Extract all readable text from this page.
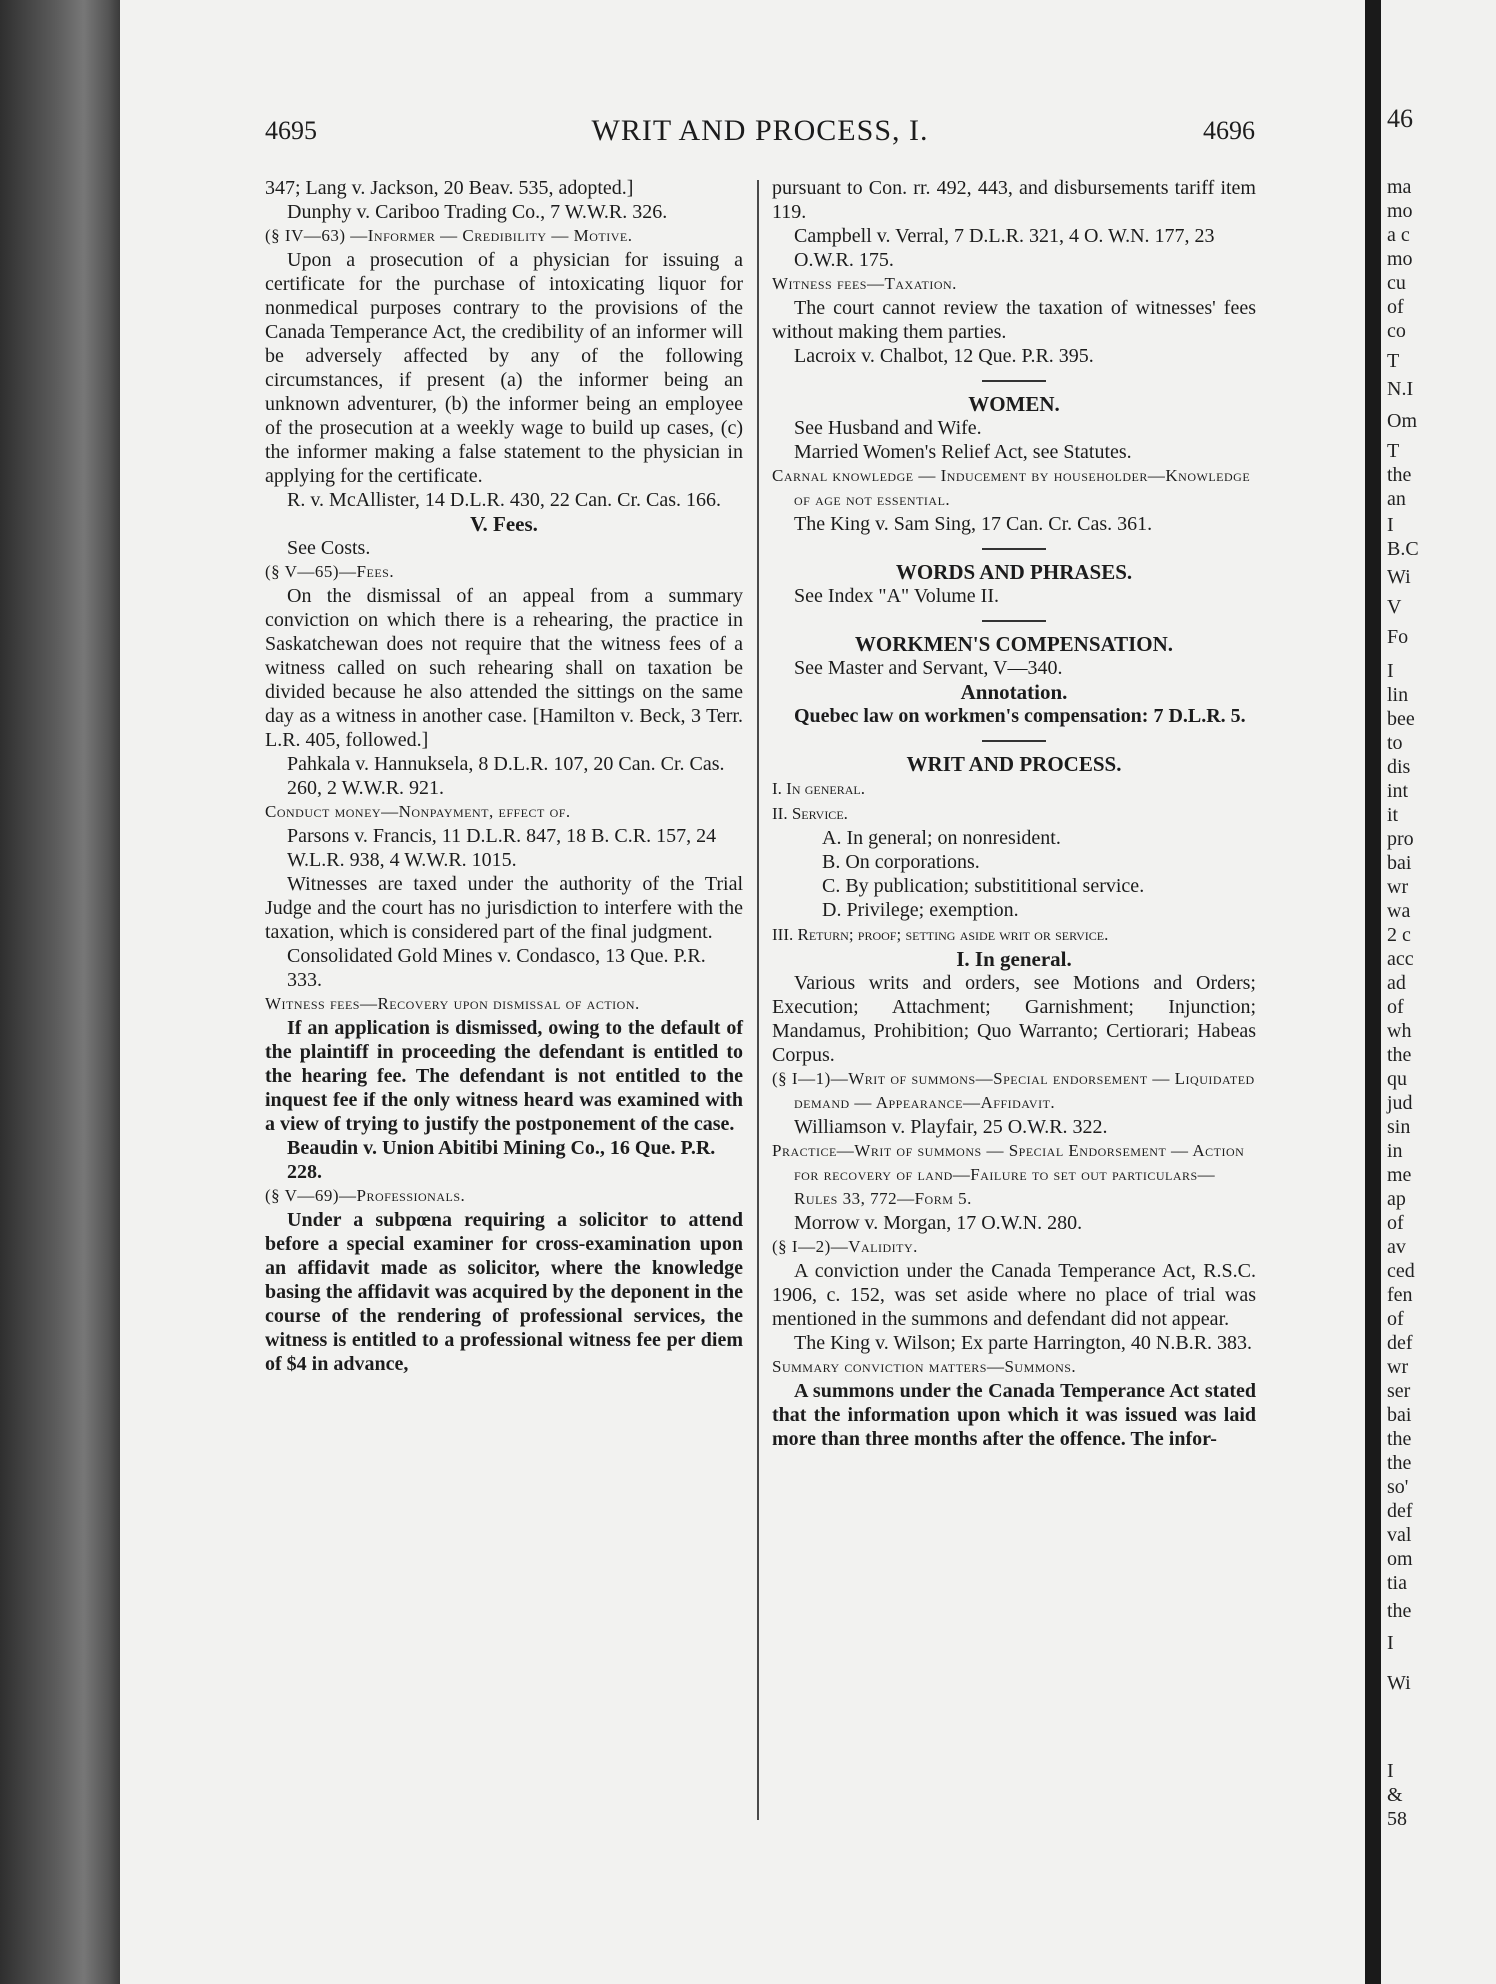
46
ma
mo
a c
mo
cu
of
co
T
N.I
Om
T
the
an
I
B.C
Wi
V
Fo
I
lin
bee
to
dis
int
it
pro
bai
wr
wa
2 c
acc
ad
of
wh
the
qu
jud
sin
in
me
ap
of
av
ced
fen
of
def
wr
ser
bai
the
the
so'
def
val
om
tia
the
I
Wi
I
&
58
4695	WRIT AND PROCESS, I.	4696

347; Lang v. Jackson, 20 Beav. 535, adopted.]

Dunphy v. Cariboo Trading Co., 7 W.W.R. 326.

(§ IV—63) —Informer — Credibility — Motive.

Upon a prosecution of a physician for issuing a certificate for the purchase of intoxicating liquor for nonmedical purposes contrary to the provisions of the Canada Temperance Act, the credibility of an informer will be adversely affected by any of the following circumstances, if present (a) the informer being an unknown adventurer, (b) the informer being an employee of the prosecution at a weekly wage to build up cases, (c) the informer making a false statement to the physician in applying for the certificate.

R. v. McAllister, 14 D.L.R. 430, 22 Can. Cr. Cas. 166.

V. Fees.

See Costs.

(§ V—65)—Fees.

On the dismissal of an appeal from a summary conviction on which there is a rehearing, the practice in Saskatchewan does not require that the witness fees of a witness called on such rehearing shall on taxation be divided because he also attended the sittings on the same day as a witness in another case. [Hamilton v. Beck, 3 Terr. L.R. 405, followed.]

Pahkala v. Hannuksela, 8 D.L.R. 107, 20 Can. Cr. Cas. 260, 2 W.W.R. 921.

Conduct money—Nonpayment, effect of.

Parsons v. Francis, 11 D.L.R. 847, 18 B. C.R. 157, 24 W.L.R. 938, 4 W.W.R. 1015.

Witnesses are taxed under the authority of the Trial Judge and the court has no jurisdiction to interfere with the taxation, which is considered part of the final judgment.

Consolidated Gold Mines v. Condasco, 13 Que. P.R. 333.

Witness fees—Recovery upon dismissal of action.

If an application is dismissed, owing to the default of the plaintiff in proceeding the defendant is entitled to the hearing fee. The defendant is not entitled to the inquest fee if the only witness heard was examined with a view of trying to justify the postponement of the case.

Beaudin v. Union Abitibi Mining Co., 16 Que. P.R. 228.

(§ V—69)—Professionals.

Under a subpœna requiring a solicitor to attend before a special examiner for cross-examination upon an affidavit made as solicitor, where the knowledge basing the affidavit was acquired by the deponent in the course of the rendering of professional services, the witness is entitled to a professional witness fee per diem of $4 in advance,

pursuant to Con. rr. 492, 443, and disbursements tariff item 119.

Campbell v. Verral, 7 D.L.R. 321, 4 O. W.N. 177, 23 O.W.R. 175.

Witness fees—Taxation.

The court cannot review the taxation of witnesses' fees without making them parties.

Lacroix v. Chalbot, 12 Que. P.R. 395.

WOMEN.

See Husband and Wife.

Married Women's Relief Act, see Statutes.

Carnal knowledge — Inducement by householder—Knowledge of age not essential.

The King v. Sam Sing, 17 Can. Cr. Cas. 361.

WORDS AND PHRASES.

See Index "A" Volume II.

WORKMEN'S COMPENSATION.

See Master and Servant, V—340.

Annotation.

Quebec law on workmen's compensation: 7 D.L.R. 5.

WRIT AND PROCESS.

I. In general.

II. Service.

A. In general; on nonresident.

B. On corporations.

C. By publication; substititional service.

D. Privilege; exemption.

III. Return; proof; setting aside writ or service.

I. In general.

Various writs and orders, see Motions and Orders; Execution; Attachment; Garnishment; Injunction; Mandamus, Prohibition; Quo Warranto; Certiorari; Habeas Corpus.

(§ I—1)—Writ of summons—Special endorsement — Liquidated demand — Appearance—Affidavit.

Williamson v. Playfair, 25 O.W.R. 322.

Practice—Writ of summons — Special Endorsement — Action for recovery of land—Failure to set out particulars—Rules 33, 772—Form 5.

Morrow v. Morgan, 17 O.W.N. 280.

(§ I—2)—Validity.

A conviction under the Canada Temperance Act, R.S.C. 1906, c. 152, was set aside where no place of trial was mentioned in the summons and defendant did not appear.

The King v. Wilson; Ex parte Harrington, 40 N.B.R. 383.

Summary conviction matters—Summons.

A summons under the Canada Temperance Act stated that the information upon which it was issued was laid more than three months after the offence. The infor-
